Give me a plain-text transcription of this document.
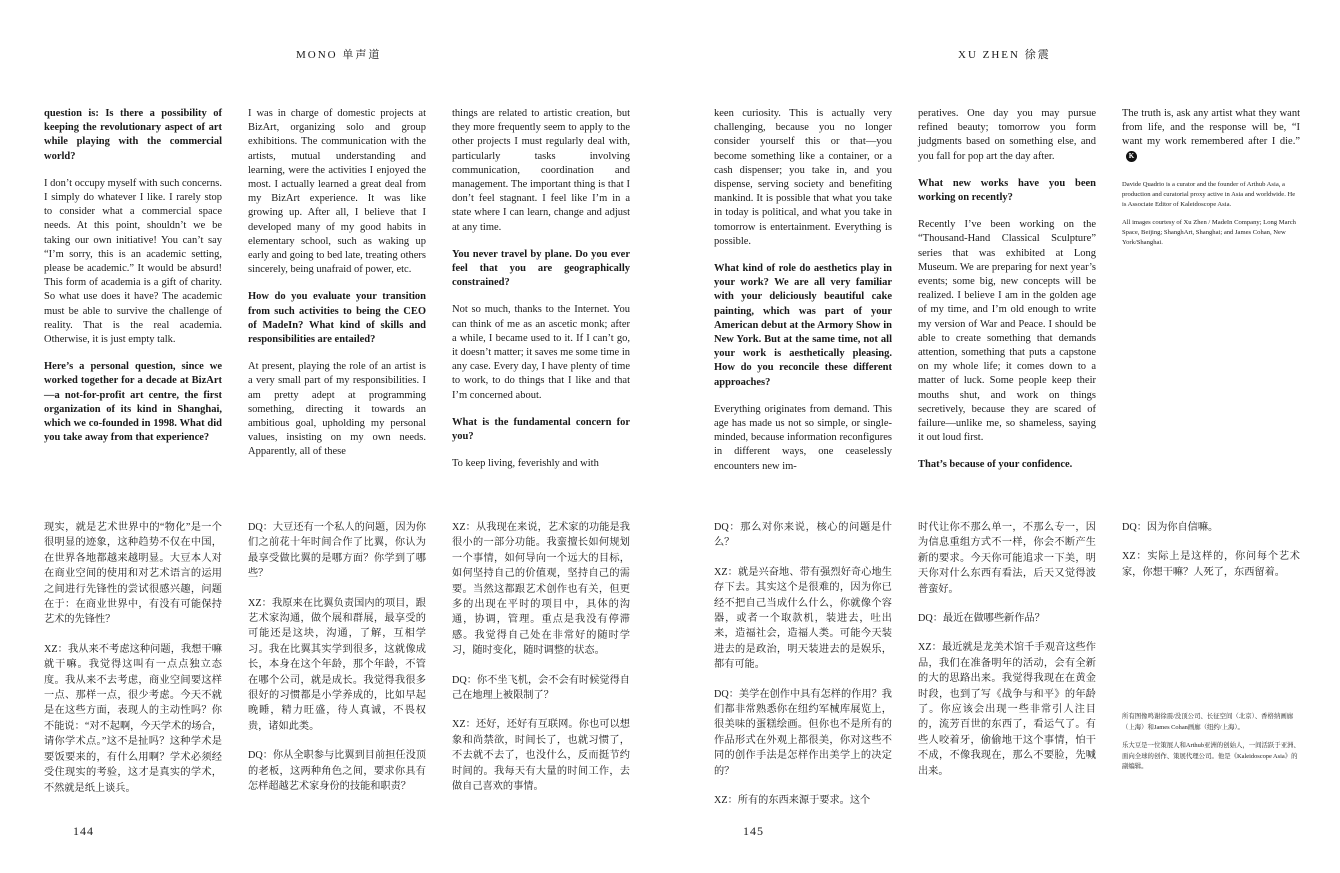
MONO 单声道	XU ZHEN 徐震

question is: Is there a possibility of keeping the revolutionary aspect of art while playing with the commercial world?

I don’t occupy myself with such concerns. I simply do whatever I like. I rarely stop to consider what a commercial space needs. At this point, shouldn’t we be taking our own initiative! You can’t say “I’m sorry, this is an academic setting, please be academic.” It would be absurd! This form of academia is a gift of charity. So what use does it have? The academic must be able to survive the challenge of reality. That is the real academia. Otherwise, it is just empty talk.

Here’s a personal question, since we worked together for a decade at BizArt—a not-for-profit art centre, the first organization of its kind in Shanghai, which we co-founded in 1998. What did you take away from that experience?

I was in charge of domestic projects at BizArt, organizing solo and group exhibitions. The communication with the artists, mutual understanding and learning, were the activities I enjoyed the most. I actually learned a great deal from my BizArt experience. It was like growing up. After all, I believe that I developed many of my good habits in elementary school, such as waking up early and going to bed late, treating others sincerely, being unafraid of power, etc.

How do you evaluate your transition from such activities to being the CEO of MadeIn? What kind of skills and responsibilities are entailed?

At present, playing the role of an artist is a very small part of my responsibilities. I am pretty adept at programming something, directing it towards an ambitious goal, upholding my personal values, insisting on my own needs. Apparently, all of these

things are related to artistic creation, but they more frequently seem to apply to the other projects I must regularly deal with, particularly tasks involving communication, coordination and management. The important thing is that I don’t feel stagnant. I feel like I’m in a state where I can learn, change and adjust at any time.

You never travel by plane. Do you ever feel that you are geographically constrained?

Not so much, thanks to the Internet. You can think of me as an ascetic monk; after a while, I became used to it. If I can’t go, it doesn’t matter; it saves me some time in any case. Every day, I have plenty of time to work, to do things that I like and that I’m concerned about.

What is the fundamental concern for you?

To keep living, feverishly and with

keen curiosity. This is actually very challenging, because you no longer consider yourself this or that—you become something like a container, or a cash dispenser; you take in, and you dispense, serving society and benefiting mankind. It is possible that what you take in today is political, and what you take in tomorrow is entertainment. Everything is possible.

What kind of role do aesthetics play in your work? We are all very familiar with your deliciously beautiful cake painting, which was part of your American debut at the Armory Show in New York. But at the same time, not all your work is aesthetically pleasing. How do you reconcile these different approaches?

Everything originates from demand. This age has made us not so simple, or single-minded, because information reconfigures in different ways, one ceaselessly encounters new im-

peratives. One day you may pursue refined beauty; tomorrow you form judgments based on something else, and you fall for pop art the day after.

What new works have you been working on recently?

Recently I’ve been working on the “Thousand-Hand Classical Sculpture” series that was exhibited at Long Museum. We are preparing for next year’s events; some big, new concepts will be realized. I believe I am in the golden age of my time, and I’m old enough to write my version of War and Peace. I should be able to create something that demands attention, something that puts a capstone on my whole life; it comes down to a matter of luck. Some people keep their mouths shut, and work on things secretively, because they are scared of failure—unlike me, so shameless, saying it out loud first.

That’s because of your confidence.

The truth is, ask any artist what they want from life, and the response will be, “I want my work remembered after I die.”K

Davide Quadrio is a curator and the founder of Arthub Asia, a production and curatorial proxy active in Asia and worldwide. He is Associate Editor of Kaleidoscope Asia.

All images courtesy of Xu Zhen / MadeIn Company; Long March Space, Beijing; ShanghArt, Shanghai; and James Cohan, New York/Shanghai.

现实，就是艺术世界中的“物化”是一个很明显的迹象，这种趋势不仅在中国，在世界各地都越来越明显。大豆本人对在商业空间的使用和对艺术语言的运用之间进行先锋性的尝试很感兴趣，问题在于：在商业世界中，有没有可能保持艺术的先锋性？

XZ：我从来不考虑这种问题，我想干嘛就干嘛。我觉得这叫有一点点独立态度。我从来不去考虑，商业空间要这样一点、那样一点，很少考虑。今天不就是在这些方面，表现人的主动性吗？你不能说：“对不起啊，今天学术的场合，请你学术点。”这不是扯吗？这种学术是要饭要来的，有什么用啊？学术必须经受住现实的考验，这才是真实的学术，不然就是纸上谈兵。

DQ：大豆还有一个私人的问题，因为你们之前花十年时间合作了比翼，你认为最享受做比翼的是哪方面？你学到了哪些？

XZ：我原来在比翼负责国内的项目，跟艺术家沟通，做个展和群展，最享受的可能还是这块，沟通，了解，互相学习。我在比翼其实学到很多，这就像成长，本身在这个年龄，那个年龄，不管在哪个公司，就是成长。我觉得我很多很好的习惯都是小学养成的，比如早起晚睡，精力旺盛，待人真诚，不畏权贵，诸如此类。

DQ：你从全职参与比翼到目前担任没顶的老板，这两种角色之间，要求你具有怎样超越艺术家身份的技能和职责？

XZ：从我现在来说，艺术家的功能是我很小的一部分功能。我蛮擅长如何规划一个事情，如何导向一个远大的目标，如何坚持自己的价值观，坚持自己的需要。当然这都跟艺术创作也有关，但更多的出现在平时的项目中，具体的沟通，协调，管理。重点是我没有停滞感。我觉得自己处在非常好的随时学习，随时变化，随时调整的状态。

DQ：你不坐飞机，会不会有时候觉得自己在地理上被限制了？

XZ：还好，还好有互联网。你也可以想象和尚禁欲，时间长了，也就习惯了，不去就不去了，也没什么，反而挺节约时间的。我每天有大量的时间工作，去做自己喜欢的事情。

DQ：那么对你来说，核心的问题是什么？

XZ：就是兴奋地、带有强烈好奇心地生存下去。其实这个是很难的，因为你已经不把自己当成什么什么，你就像个容器，或者一个取款机，装进去，吐出来，造福社会，造福人类。可能今天装进去的是政治，明天装进去的是娱乐，都有可能。

DQ：美学在创作中具有怎样的作用？我们都非常熟悉你在纽约军械库展览上，很美味的蛋糕绘画。但你也不是所有的作品形式在外观上都很美，你对这些不同的创作手法是怎样作出美学上的决定的？

XZ：所有的东西来源于要求。这个

时代让你不那么单一，不那么专一，因为信息重组方式不一样，你会不断产生新的要求。今天你可能追求一下美，明天你对什么东西有看法，后天又觉得波普蛮好。

DQ：最近在做哪些新作品？

XZ：最近就是龙美术馆千手观音这些作品，我们在准备明年的活动，会有全新的大的思路出来。我觉得我现在在黄金时段，也到了写《战争与和平》的年龄了。你应该会出现一些非常引人注目的，流芳百世的东西了，看运气了。有些人咬着牙，偷偷地干这个事情，怕干不成，不像我现在，那么不要脸，先喊出来。

DQ：因为你自信嘛。

XZ：实际上是这样的，你问每个艺术家，你想干嘛？人死了，东西留着。

所有图像鸣谢徐震/没顶公司、长征空间（北京）、香格纳画廊（上海）和James Cohan画廊（纽约/上海）。

乐大豆是一位策展人和Arthub亚洲的创始人，一间活跃于亚洲、面向全球的创作、策展代理公司。他是《Kaleidoscope Asia》的副编辑。

144	145
